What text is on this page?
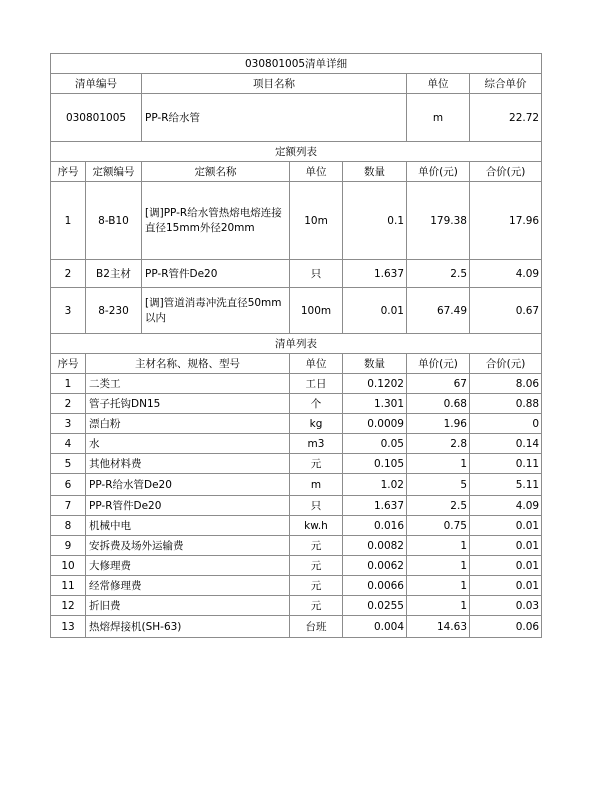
030801005清单详细						
清单编号		项目名称			单位	综合单价
030801005		PP-R给水管			m	22.72
定额列表						
序号	定额编号	定额名称	单位	数量	单价(元)	合价(元)
1	8-B10	[调]PP-R给水管热熔电熔连接直径15mm外径20mm	10m	0.1	179.38	17.96
2	B2主材	PP-R管件De20	只	1.637	2.5	4.09
3	8-230	[调]管道消毒冲洗直径50mm以内	100m	0.01	67.49	0.67
清单列表						
序号	主材名称、规格、型号		单位	数量	单价(元)	合价(元)
1	二类工		工日	0.1202	67	8.06
2	管子托钩DN15		个	1.301	0.68	0.88
3	漂白粉		kg	0.0009	1.96	0
4	水		m3	0.05	2.8	0.14
5	其他材料费		元	0.105	1	0.11
6	PP-R给水管De20		m	1.02	5	5.11
7	PP-R管件De20		只	1.637	2.5	4.09
8	机械中电		kw.h	0.016	0.75	0.01
9	安拆费及场外运输费		元	0.0082	1	0.01
10	大修理费		元	0.0062	1	0.01
11	经常修理费		元	0.0066	1	0.01
12	折旧费		元	0.0255	1	0.03
13	热熔焊接机(SH-63)		台班	0.004	14.63	0.06
